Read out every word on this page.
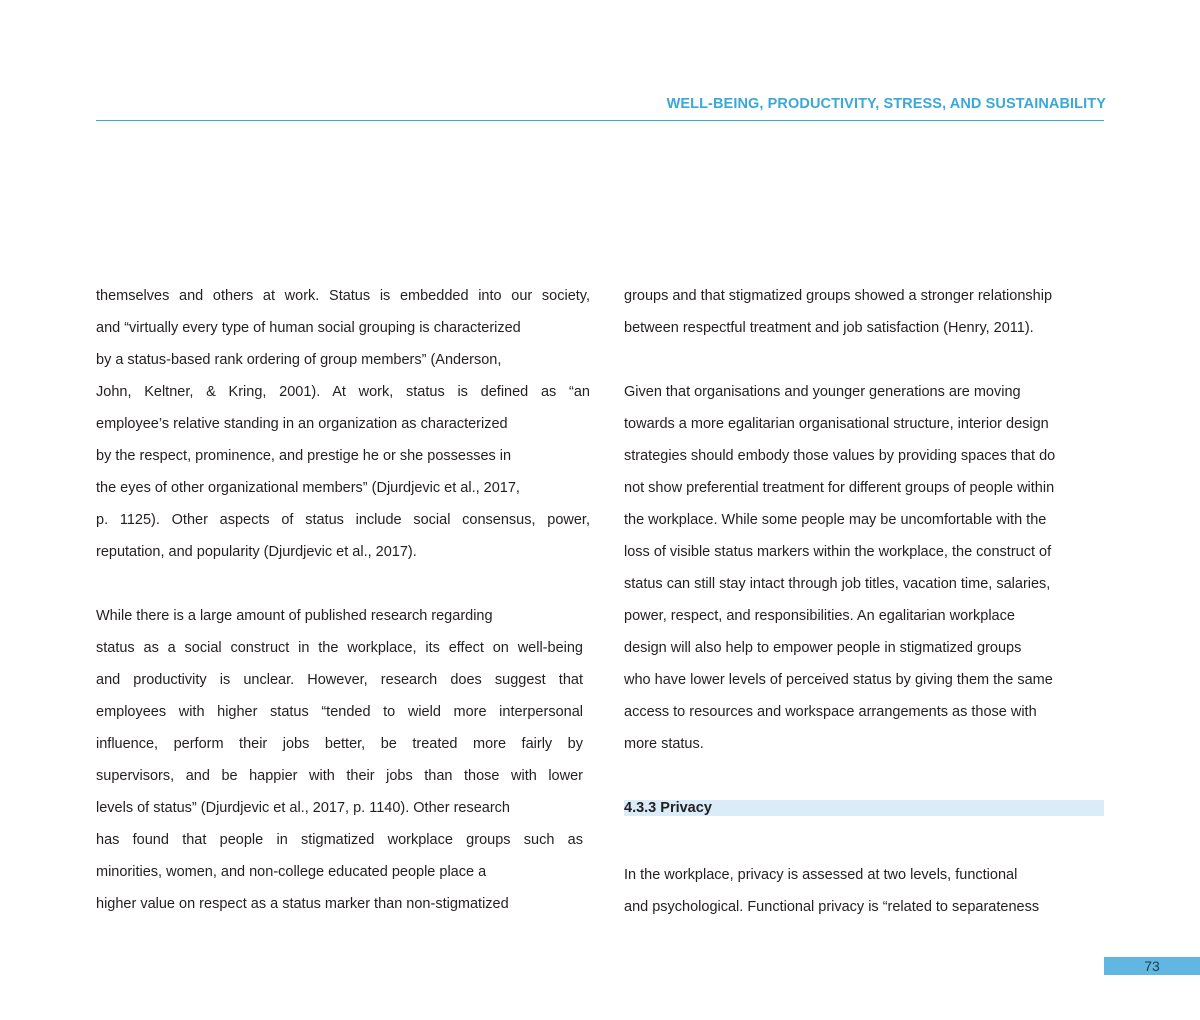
WELL-BEING, PRODUCTIVITY, STRESS, AND SUSTAINABILITY
themselves and others at work. Status is embedded into our society,
and “virtually every type of human social grouping is characterized
by a status-based rank ordering of group members” (Anderson,
John, Keltner, & Kring, 2001). At work, status is defined as “an
employee’s relative standing in an organization as characterized
by the respect, prominence, and prestige he or she possesses in
the eyes of other organizational members” (Djurdjevic et al., 2017,
p. 1125). Other aspects of status include social consensus, power,
reputation, and popularity (Djurdjevic et al., 2017).
While there is a large amount of published research regarding
status as a social construct in the workplace, its effect on well-being
and productivity is unclear. However, research does suggest that
employees with higher status “tended to wield more interpersonal
influence, perform their jobs better, be treated more fairly by
supervisors, and be happier with their jobs than those with lower
levels of status” (Djurdjevic et al., 2017, p. 1140). Other research
has found that people in stigmatized workplace groups such as
minorities, women, and non-college educated people place a
higher value on respect as a status marker than non-stigmatized
groups and that stigmatized groups showed a stronger relationship
between respectful treatment and job satisfaction (Henry, 2011).
Given that organisations and younger generations are moving
towards a more egalitarian organisational structure, interior design
strategies should embody those values by providing spaces that do
not show preferential treatment for different groups of people within
the workplace. While some people may be uncomfortable with the
loss of visible status markers within the workplace, the construct of
status can still stay intact through job titles, vacation time, salaries,
power, respect, and responsibilities. An egalitarian workplace
design will also help to empower people in stigmatized groups
who have lower levels of perceived status by giving them the same
access to resources and workspace arrangements as those with
more status.
4.3.3 Privacy
In the workplace, privacy is assessed at two levels, functional
and psychological. Functional privacy is “related to separateness
73
